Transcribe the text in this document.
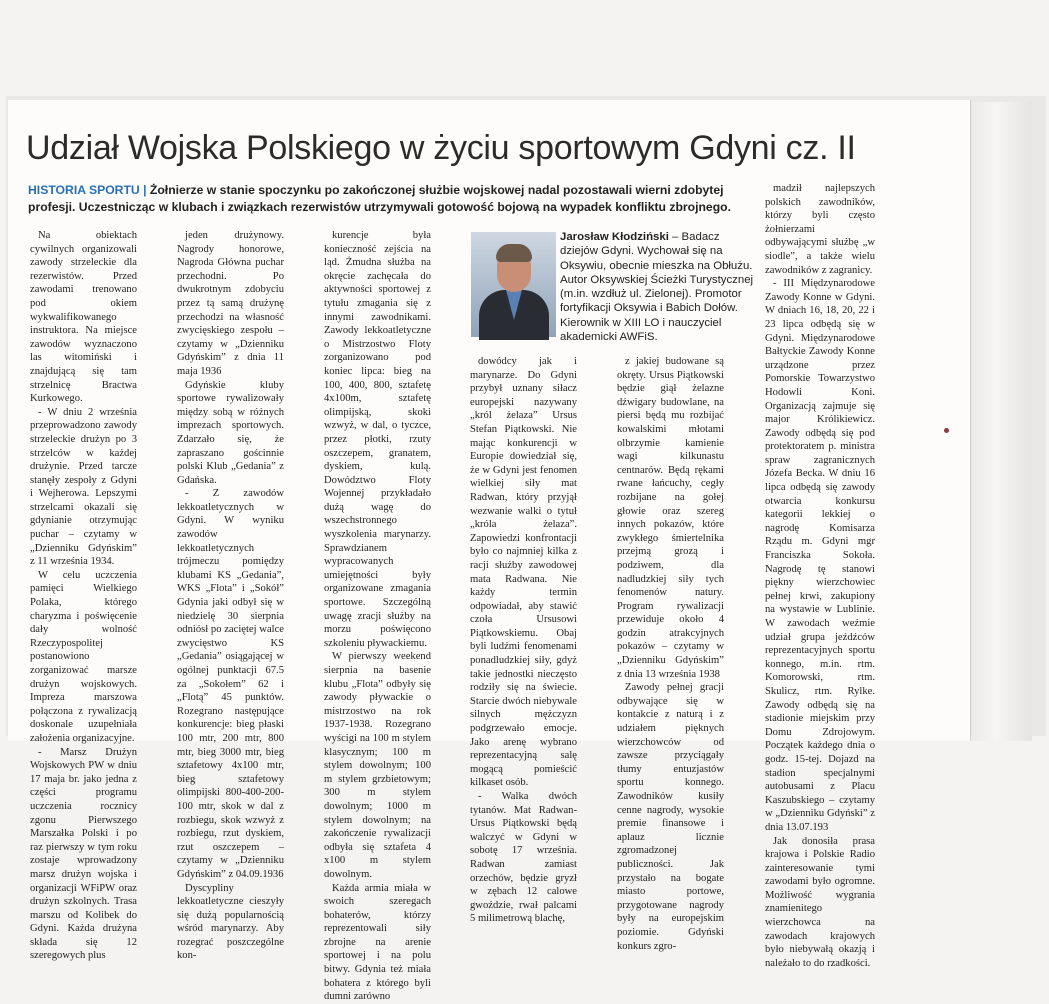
Udział Wojska Polskiego w życiu sportowym Gdyni cz. II
HISTORIA SPORTU | Żołnierze w stanie spoczynku po zakończonej służbie wojskowej nadal pozostawali wierni zdobytej profesji. Uczestnicząc w klubach i związkach rezerwistów utrzymywali gotowość bojową na wypadek konfliktu zbrojnego.

Na obiektach cywilnych organizowali zawody strzeleckie dla rezerwistów. Przed zawodami trenowano pod okiem wykwalifikowanego instruktora. Na miejsce zawodów wyznaczono las witomiński i znajdującą się tam strzelnicę Bractwa Kurkowego.

- W dniu 2 września przeprowadzono zawody strzeleckie drużyn po 3 strzelców w każdej drużynie. Przed tarcze stanęły zespoły z Gdyni i Wejherowa. Lepszymi strzelcami okazali się gdynianie otrzymując puchar – czytamy w „Dzienniku Gdyńskim” z 11 września 1934.

W celu uczczenia pamięci Wielkiego Polaka, którego charyzma i poświęcenie dały wolność Rzeczypospolitej postanowiono zorganizować marsze drużyn wojskowych. Impreza marszowa połączona z rywalizacją doskonale uzupełniała założenia organizacyjne.

- Marsz Drużyn Wojskowych PW w dniu 17 maja br. jako jedna z części programu uczczenia rocznicy zgonu Pierwszego Marszałka Polski i po raz pierwszy w tym roku zostaje wprowadzony marsz drużyn wojska i organizacji WFiPW oraz drużyn szkolnych. Trasa marszu od Kolibek do Gdyni. Każda drużyna składa się 12 szeregowych plus

jeden drużynowy. Nagrody honorowe, Nagroda Główna puchar przechodni. Po dwukrotnym zdobyciu przez tą samą drużynę przechodzi na własność zwycięskiego zespołu – czytamy w „Dzienniku Gdyńskim” z dnia 11 maja 1936

Gdyńskie kluby sportowe rywalizowały między sobą w różnych imprezach sportowych. Zdarzało się, że zapraszano gościnnie polski Klub „Gedania” z Gdańska.

- Z zawodów lekkoatletycznych w Gdyni. W wyniku zawodów lekkoatletycznych trójmeczu pomiędzy klubami KS „Gedania”, WKS „Flota” i „Sokół” Gdynia jaki odbył się w niedzielę 30 sierpnia odniósł po zaciętej walce zwycięstwo KS „Gedania” osiągającej w ogólnej punktacji 67.5 za „Sokołem” 62 i „Flotą” 45 punktów. Rozegrano następujące konkurencje: bieg płaski 100 mtr, 200 mtr, 800 mtr, bieg 3000 mtr, bieg sztafetowy 4x100 mtr, bieg sztafetowy olimpijski 800-400-200-100 mtr, skok w dal z rozbiegu, skok wzwyż z rozbiegu, rzut dyskiem, rzut oszczepem – czytamy w „Dzienniku Gdyńskim” z 04.09.1936

Dyscypliny lekkoatletyczne cieszyły się dużą popularnością wśród marynarzy. Aby rozegrać poszczególne kon-

kurencje była konieczność zejścia na ląd. Żmudna służba na okręcie zachęcała do aktywności sportowej z tytułu zmagania się z innymi zawodnikami. Zawody lekkoatletyczne o Mistrzostwo Floty zorganizowano pod koniec lipca: bieg na 100, 400, 800, sztafetę 4x100m, sztafetę olimpijską, skoki wzwyż, w dal, o tyczce, przez płotki, rzuty oszczepem, granatem, dyskiem, kulą. Dowództwo Floty Wojennej przykładało dużą wagę do wszechstronnego wyszkolenia marynarzy. Sprawdzianem wypracowanych umiejętności były organizowane zmagania sportowe. Szczególną uwagę zracji służby na morzu poświęcono szkoleniu pływackiemu.

W pierwszy weekend sierpnia na basenie klubu „Flota” odbyły się zawody pływackie o mistrzostwo na rok 1937-1938. Rozegrano wyścigi na 100 m stylem klasycznym; 100 m stylem dowolnym; 100 m stylem grzbietowym; 300 m stylem dowolnym; 1000 m stylem dowolnym; na zakończenie rywalizacji odbyła się sztafeta 4 x100 m stylem dowolnym.

Każda armia miała w swoich szeregach bohaterów, którzy reprezentowali siły zbrojne na arenie sportowej i na polu bitwy. Gdynia też miała bohatera z którego byli dumni zarówno

Jarosław Kłodziński – Badacz dziejów Gdyni. Wychował się na Oksywiu, obecnie mieszka na Obłużu. Autor Oksywskiej Ścieżki Turystycznej (m.in. wzdłuż ul. Zielonej). Promotor fortyfikacji Oksywia i Babich Dołów. Kierownik w XIII LO i nauczyciel akademicki AWFiS.

dowódcy jak i marynarze. Do Gdyni przybył uznany siłacz europejski nazywany „król żelaza” Ursus Stefan Piątkowski. Nie mając konkurencji w Europie dowiedział się, że w Gdyni jest fenomen wielkiej siły mat Radwan, który przyjął wezwanie walki o tytuł „króla żelaza”. Zapowiedzi konfrontacji było co najmniej kilka z racji służby zawodowej mata Radwana. Nie każdy termin odpowiadał, aby stawić czoła Ursusowi Piątkowskiemu. Obaj byli ludźmi fenomenami ponadludzkiej siły, gdyż takie jednostki nieczęsto rodziły się na świecie. Starcie dwóch niebywale silnych mężczyzn podgrzewało emocje. Jako arenę wybrano reprezentacyjną salę mogącą pomieścić kilkaset osób.

- Walka dwóch tytanów. Mat Radwan-Ursus Piątkowski będą walczyć w Gdyni w sobotę 17 września. Radwan zamiast orzechów, będzie gryzł w zębach 12 calowe gwoździe, rwał palcami 5 milimetrową blachę,

z jakiej budowane są okręty. Ursus Piątkowski będzie giął żelazne dźwigary budowlane, na piersi będą mu rozbijać kowalskimi młotami olbrzymie kamienie wagi kilkunastu centnarów. Będą rękami rwane łańcuchy, cegły rozbijane na gołej głowie oraz szereg innych pokazów, które zwykłego śmiertelnika przejmą grozą i podziwem, dla nadludzkiej siły tych fenomenów natury. Program rywalizacji przewiduje około 4 godzin atrakcyjnych pokazów – czytamy w „Dzienniku Gdyńskim” z dnia 13 września 1938

Zawody pełnej gracji odbywające się w kontakcie z naturą i z udziałem pięknych wierzchowców od zawsze przyciągały tłumy entuzjastów sportu konnego. Zawodników kusiły cenne nagrody, wysokie premie finansowe i aplauz licznie zgromadzonej publiczności. Jak przystało na bogate miasto portowe, przygotowane nagrody były na europejskim poziomie. Gdyński konkurs zgro-

madził najlepszych polskich zawodników, którzy byli często żołnierzami odbywającymi służbę „w siodle”, a także wielu zawodników z zagranicy.

- III Międzynarodowe Zawody Konne w Gdyni. W dniach 16, 18, 20, 22 i 23 lipca odbędą się w Gdyni. Międzynarodowe Bałtyckie Zawody Konne urządzone przez Pomorskie Towarzystwo Hodowli Koni. Organizacją zajmuje się major Królikiewicz. Zawody odbędą się pod protektoratem p. ministra spraw zagranicznych Józefa Becka. W dniu 16 lipca odbędą się zawody otwarcia konkursu kategorii lekkiej o nagrodę Komisarza Rządu m. Gdyni mgr Franciszka Sokoła. Nagrodę tę stanowi piękny wierzchowiec pełnej krwi, zakupiony na wystawie w Lublinie. W zawodach weźmie udział grupa jeźdźców reprezentacyjnych sportu konnego, m.in. rtm. Komorowski, rtm. Skulicz, rtm. Rylke. Zawody odbędą się na stadionie miejskim przy Domu Zdrojowym. Początek każdego dnia o godz. 15-tej. Dojazd na stadion specjalnymi autobusami z Placu Kaszubskiego – czytamy w „Dzienniku Gdyński” z dnia 13.07.193

Jak donosiła prasa krajowa i Polskie Radio zainteresowanie tymi zawodami było ogromne. Możliwość wygrania znamienitego wierzchowca na zawodach krajowych było niebywałą okazją i należało to do rzadkości.
